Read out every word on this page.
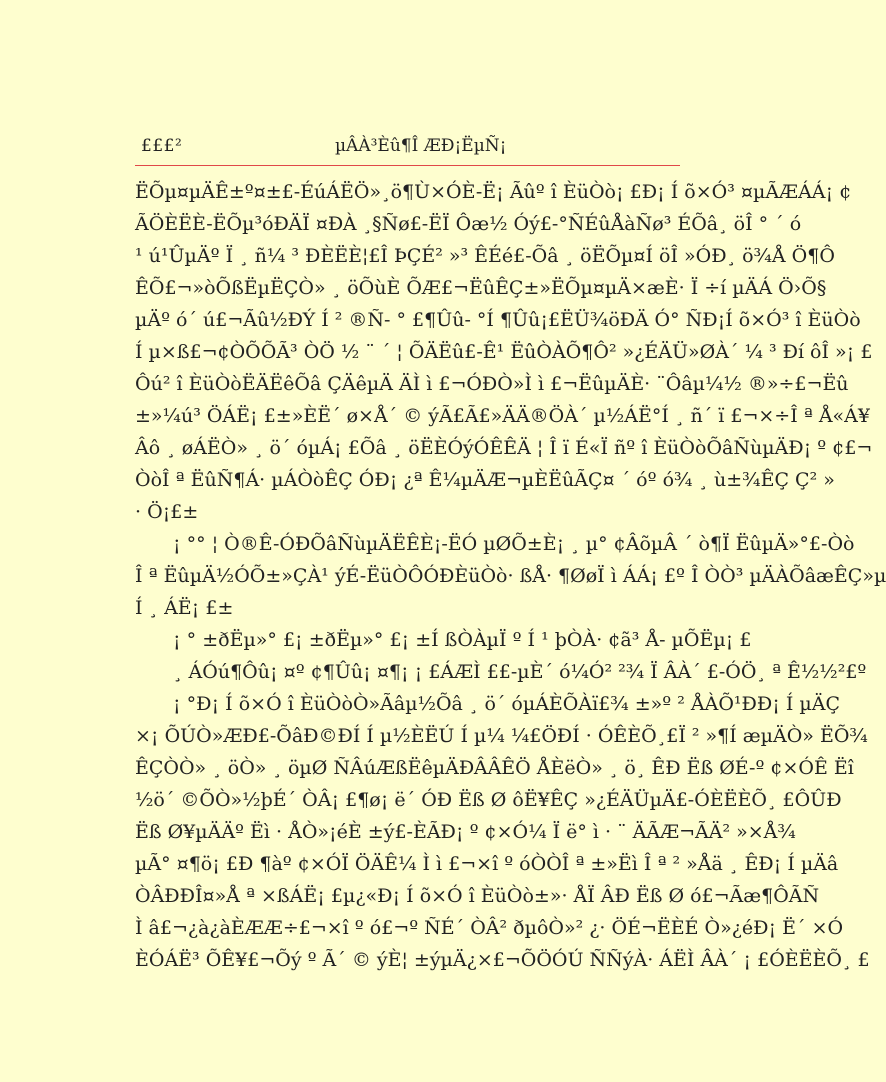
£££²	µÂÀ³Èû¶Î ÆÐ¡ËµÑ¡
ËÕµ¤µÄÊ±º¤±£-ÉúÁËÖ»¸ö¶Ù×ÓÈ-Ë¡ Ãûº î ÈüÒò¡ £Ð¡ Í õ×Ó³ ¤µÃÆÁÁ¡ ¢
ÃÖÈËÈ-ËÕµ³óÐÄÏ ¤ÐÀ ¸§Ñø£-ËÏ Ôæ½ Óý£-°ÑÉûÅàÑø³ ÉÕâ¸ öÎ ° ´ ó
¹ ú¹ÛµÄº Ï ¸ ñ¼ ³ ÐÈËÈ¦£Î ÞÇÉ² »³ ÊÉé£-Õâ ¸ öËÕµ¤Í öÎ »ÓÐ¸ ö¾Å Ö¶Ô
ÊÕ£¬»òÕßËµËÇÒ» ¸ öÕùÈ ÕÆ£¬ËûÊÇ±»ËÕµ¤µÄ×æÈ· Ï ÷í µÄÁ Ö›Õ§
µÄº ó´ ú£¬Ãû½ÐÝ Í ² ®Ñ- ° £¶Ûû- °Í ¶Ûû¡£ËÜ¾öÐÄ Ó° ÑÐ¡Í õ×Ó³ î ÈüÒò
Í µ×ß£¬¢ÒÕÕÃ³ ÒÖ ½ ¨ ´ ¦ ÕÄËû£-Ê¹ ËûÒÀÕ¶Ô² »¿ÉÄÜ»ØÀ´ ¼ ³ Ðí ôÎ »¡ £
Ôú² î ÈüÒòËÄËêÕâ ÇÄêµÄ ÄÌ ì £¬ÓÐÒ»Ì ì £¬ËûµÄÈ· ¨Ôâµ¼½ ®»÷£¬Ëû
±»¼ú³ ÖÁË¡ £±»ÈË´ ø×Å´ © ýÃ£Ã£»ÄÄ®ÖÀ´ µ½ÁË°Í ¸ ñ´ ï £¬×÷Î ª Å«Á¥
Âô ¸ øÁËÒ» ¸ ö´ óµÁ¡ £Õâ ¸ öËÈÓýÓÊÊÄ ¦ Î ï É«Ï ñº î ÈüÒòÕâÑùµÄÐ¡ º ¢£¬
ÒòÎ ª ËûÑ¶Á· µÁÒòÊÇ ÓÐ¡ ¿ª Ê¼µÄÆ¬µÈËûÃÇ¤ ´ óº ó¾ ¸ ù±¾ÊÇ Ç² »
· Ö¡£±
¡ °° ¦ Ò®Ê-ÓÐÕâÑùµÄËÊÈ¡-ËÓ µØÕ±È¡ ¸ µ° ¢ÂõµÂ ´ ò¶Ï ËûµÄ»°£-Òò
Î ª ËûµÄ½ÓÕ±»ÇÀ¹ ýÉ-ËüÒÔÓÐÈüÒò· ßÅ· ¶ØøÏ ì ÁÁ¡ £º Î ÒÒ³ µÄÀÕâæÊÇ»µ
Í ¸ ÁË¡ £±
¡ ° ±ðËµ»° £¡ ±ðËµ»° £¡ ±Í ßÒÀµÏ º Í ¹ þÒÀ· ¢ã³ Å- µÕËµ¡ £
¸ ÁÓú¶Ôû¡ ¤º ¢¶Ûû¡ ¤¶¡ ¡ £ÁÆÌ ££-µÈ´ ó¼Ó² ²¾ Ï ÂÀ´ £-ÓÖ¸ ª Ê½½²£º
¡ °Ð¡ Í õ×Ó î ÈüÒòÒ»Ãâµ½Õâ ¸ ö´ óµÁÈÕÀï£¾ ±»º ² ÅÀÕ¹ÐÐ¡ Í µÄÇ
×¡ ÕÚÒ»ÆÐ£-ÕâÐ©ÐÍ Í µ½ÈËÚ Í µ¼ ¼£ÖÐÍ · ÓÊÈÕ¸£Ï ² »¶Í æµÄÒ» ËÕ¾
ÊÇÒÒ» ¸ öÒ» ¸ öµØ ÑÂúÆßËêµÄÐÂÂÊÖ ÅÈëÒ» ¸ ö¸ ÊÐ Ëß ØÉ-º ¢×ÓÊ Ëî
½ö´ ©ÕÒ»½þÉ´ ÒÂ¡ £¶ø¡ ë´ ÓÐ Ëß Ø ôË¥ÊÇ »¿ÉÄÜµÄ£-ÓÈËÈÕ¸ £ÔÛÐ
Ëß Ø¥µÄÄº Ëì · ÅÒ»¡éÈ ±ý£-ÈÃÐ¡ º ¢×Ó¼ Ï ë° ì · ¨ ÄÃÆ¬ÃÄ² »×Å¾
µÃ° ¤¶ö¡ £Ð ¶àº ¢×ÓÏ ÖÄÊ¼ Ì ì £¬×î º óÒÒÎ ª ±»Ëì Î ª ² »Åä ¸ ÊÐ¡ Í µÄâ
ÒÂÐÐÎ¤»Å ª ×ßÁË¡ £µ¿«Ð¡ Í õ×Ó î ÈüÒò±»· ÅÏ ÂÐ Ëß Ø ó£¬Ãæ¶ÔÃÑ
Ì â£¬¿à¿àÈÆÆ÷£¬×î º ó£¬º ÑÉ´ ÒÂ² ðµôÒ»² ¿· ÖÉ¬ËÈÉ Ò»¿éÐ¡ Ë´ ×Ó
ÈÓÁË³ ÕÊ¥£¬Õý º Ã´ © ýÈ¦ ±ýµÄ¿×£¬ÕÖÓÚ ÑÑýÀ· ÁËÌ ÂÀ´ ¡ £ÓÈËÈÕ¸ £
